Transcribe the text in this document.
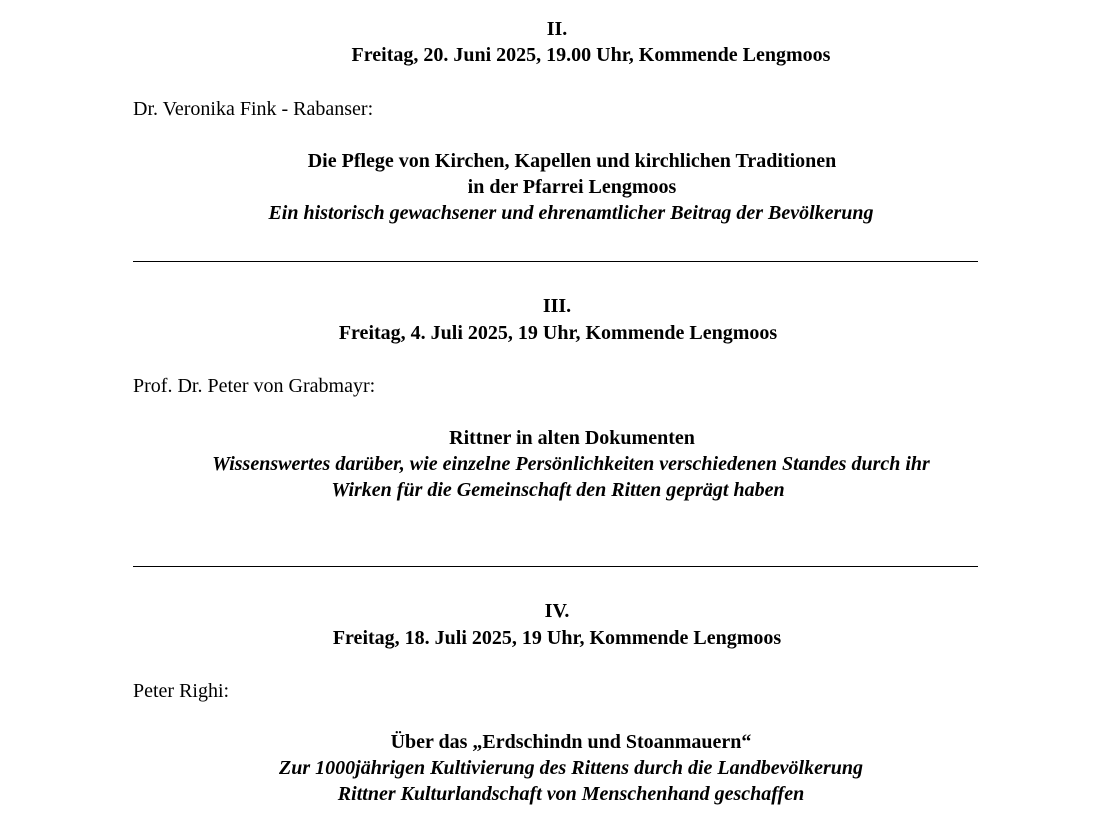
II.
Freitag, 20. Juni 2025, 19.00 Uhr, Kommende Lengmoos
Dr. Veronika Fink - Rabanser:
Die Pflege von Kirchen, Kapellen und kirchlichen Traditionen
in der Pfarrei Lengmoos
Ein historisch gewachsener und ehrenamtlicher Beitrag der Bevölkerung
III.
Freitag, 4. Juli 2025, 19 Uhr, Kommende Lengmoos
Prof. Dr. Peter von Grabmayr:
Rittner in alten Dokumenten
Wissenswertes darüber, wie einzelne Persönlichkeiten verschiedenen Standes durch ihr
Wirken für die Gemeinschaft den Ritten geprägt haben
IV.
Freitag, 18. Juli 2025, 19 Uhr, Kommende Lengmoos
Peter Righi:
Über das „Erdschindn und Stoanmauern“
Zur 1000jährigen Kultivierung des Rittens durch die Landbevölkerung
Rittner Kulturlandschaft von Menschenhand geschaffen
